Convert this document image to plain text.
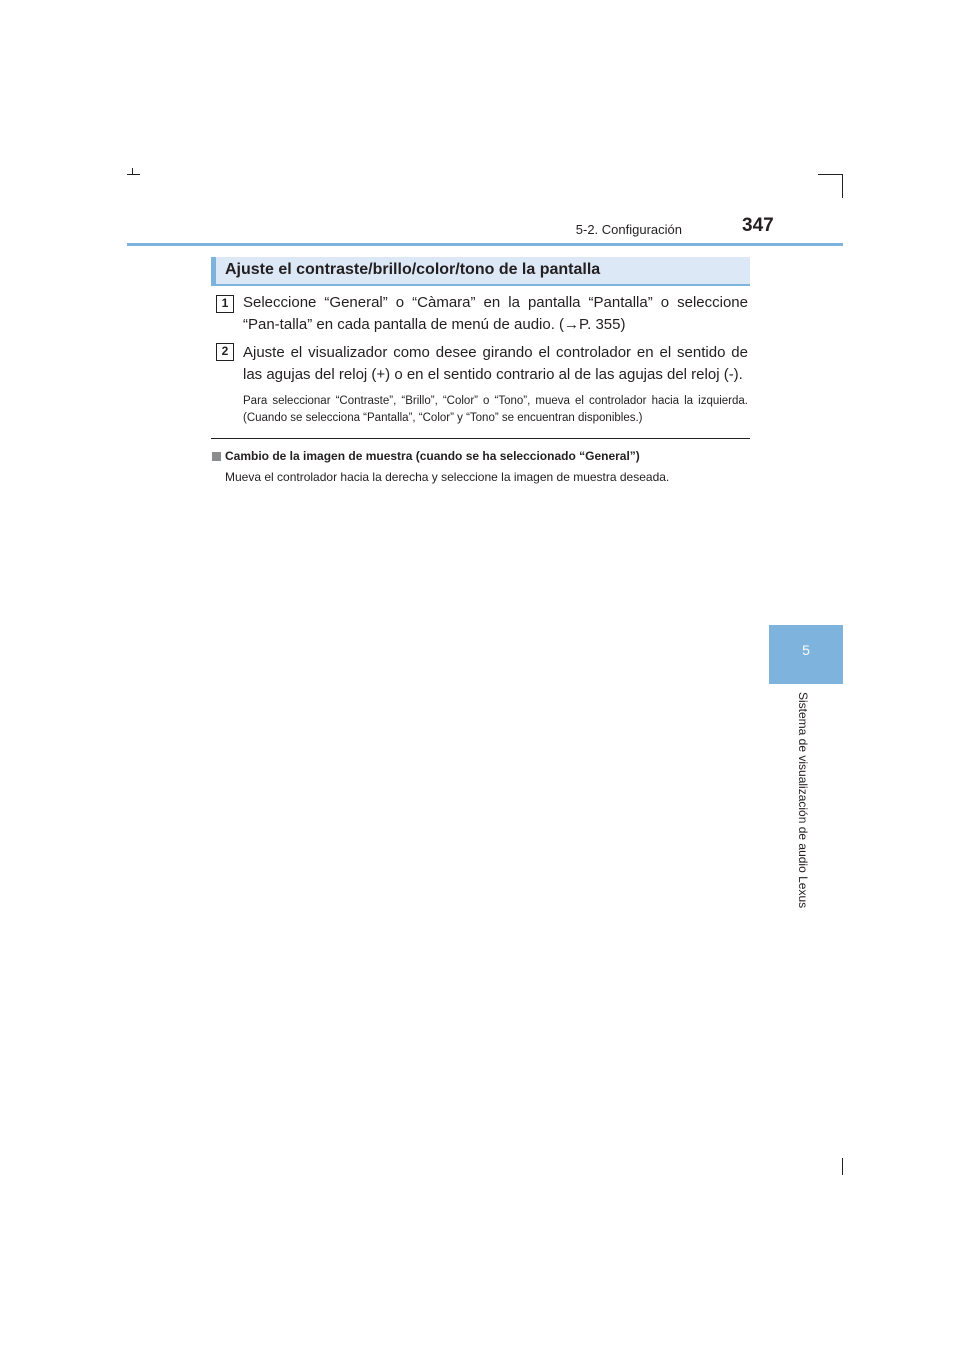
5-2. Configuración	347
5
Sistema de visualización de audio Lexus
Ajuste el contraste/brillo/color/tono de la pantalla
1 Seleccione “General” o “Càmara” en la pantalla “Pantalla” o seleccione “Pan-talla” en cada pantalla de menú de audio. (→P. 355)
2 Ajuste el visualizador como desee girando el controlador en el sentido de las agujas del reloj (+) o en el sentido contrario al de las agujas del reloj (-).
Para seleccionar “Contraste”, “Brillo”, “Color” o “Tono”, mueva el controlador hacia la izquierda. (Cuando se selecciona “Pantalla”, “Color” y “Tono” se encuentran disponibles.)
Cambio de la imagen de muestra (cuando se ha seleccionado “General”)
Mueva el controlador hacia la derecha y seleccione la imagen de muestra deseada.
